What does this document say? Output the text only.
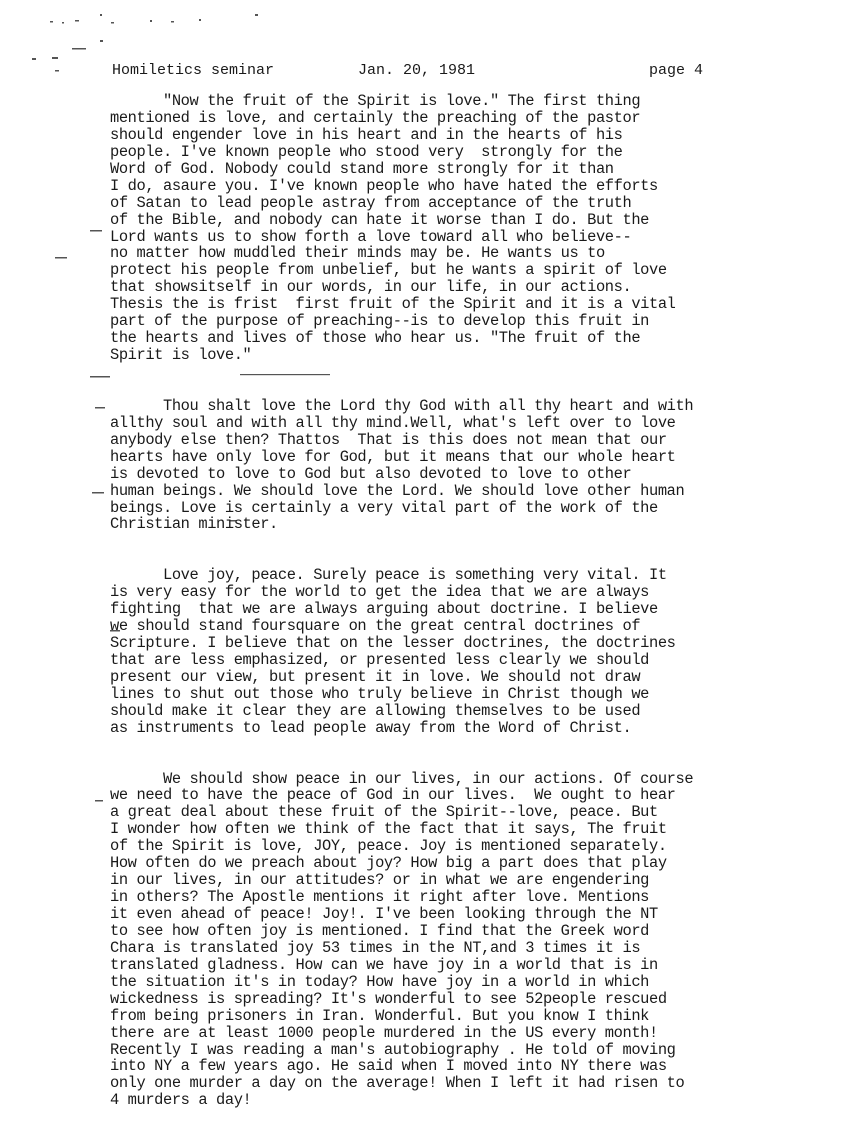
Homiletics seminar

	Jan. 20, 1981

	page 4

"Now the fruit of the Spirit is love." The first thing
mentioned is love, and certainly the preaching of the pastor
should engender love in his heart and in the hearts of his
people. I've known people who stood very  strongly for the
Word of God. Nobody could stand more strongly for it than
I do, asaure you. I've known people who have hated the efforts
of Satan to lead people astray from acceptance of the truth
of the Bible, and nobody can hate it worse than I do. But the
Lord wants us to show forth a love toward all who believe--
no matter how muddled their minds may be. He wants us to
protect his people from unbelief, but he wants a spirit of love
that showsitself in our words, in our life, in our actions.
Thesis the is frist  first fruit of the Spirit and it is a vital
part of the purpose of preaching--is to develop this fruit in
the hearts and lives of those who hear us. "The fruit of the
Spirit is love."
Thou shalt love the Lord thy God with all thy heart and with
allthy soul and with all thy mind.Well, what's left over to love
anybody else then? Thattos  That is this does not mean that our
hearts have only love for God, but it means that our whole heart
is devoted to love to God but also devoted to love to other
human beings. We should love the Lord. We should love other human
beings. Love is certainly a very vital part of the work of the
Christian minister.
Love joy, peace. Surely peace is something very vital. It
is very easy for the world to get the idea that we are always
fighting  that we are always arguing about doctrine. I believe
we should stand foursquare on the great central doctrines of
Scripture. I believe that on the lesser doctrines, the doctrines
that are less emphasized, or presented less clearly we should
present our view, but present it in love. We should not draw
lines to shut out those who truly believe in Christ though we
should make it clear they are allowing themselves to be used
as instruments to lead people away from the Word of Christ.
We should show peace in our lives, in our actions. Of course
we need to have the peace of God in our lives.  We ought to hear
a great deal about these fruit of the Spirit--love, peace. But
I wonder how often we think of the fact that it says, The fruit
of the Spirit is love, JOY, peace. Joy is mentioned separately.
How often do we preach about joy? How big a part does that play
in our lives, in our attitudes? or in what we are engendering
in others? The Apostle mentions it right after love. Mentions
it even ahead of peace! Joy!. I've been looking through the NT
to see how often joy is mentioned. I find that the Greek word
Chara is translated joy 53 times in the NT,and 3 times it is
translated gladness. How can we have joy in a world that is in
the situation it's in today? How have joy in a world in which
wickedness is spreading? It's wonderful to see 52people rescued
from being prisoners in Iran. Wonderful. But you know I think
there are at least 1000 people murdered in the US every month!
Recently I was reading a man's autobiography . He told of moving
into NY a few years ago. He said when I moved into NY there was
only one murder a day on the average! When I left it had risen to
4 murders a day!
